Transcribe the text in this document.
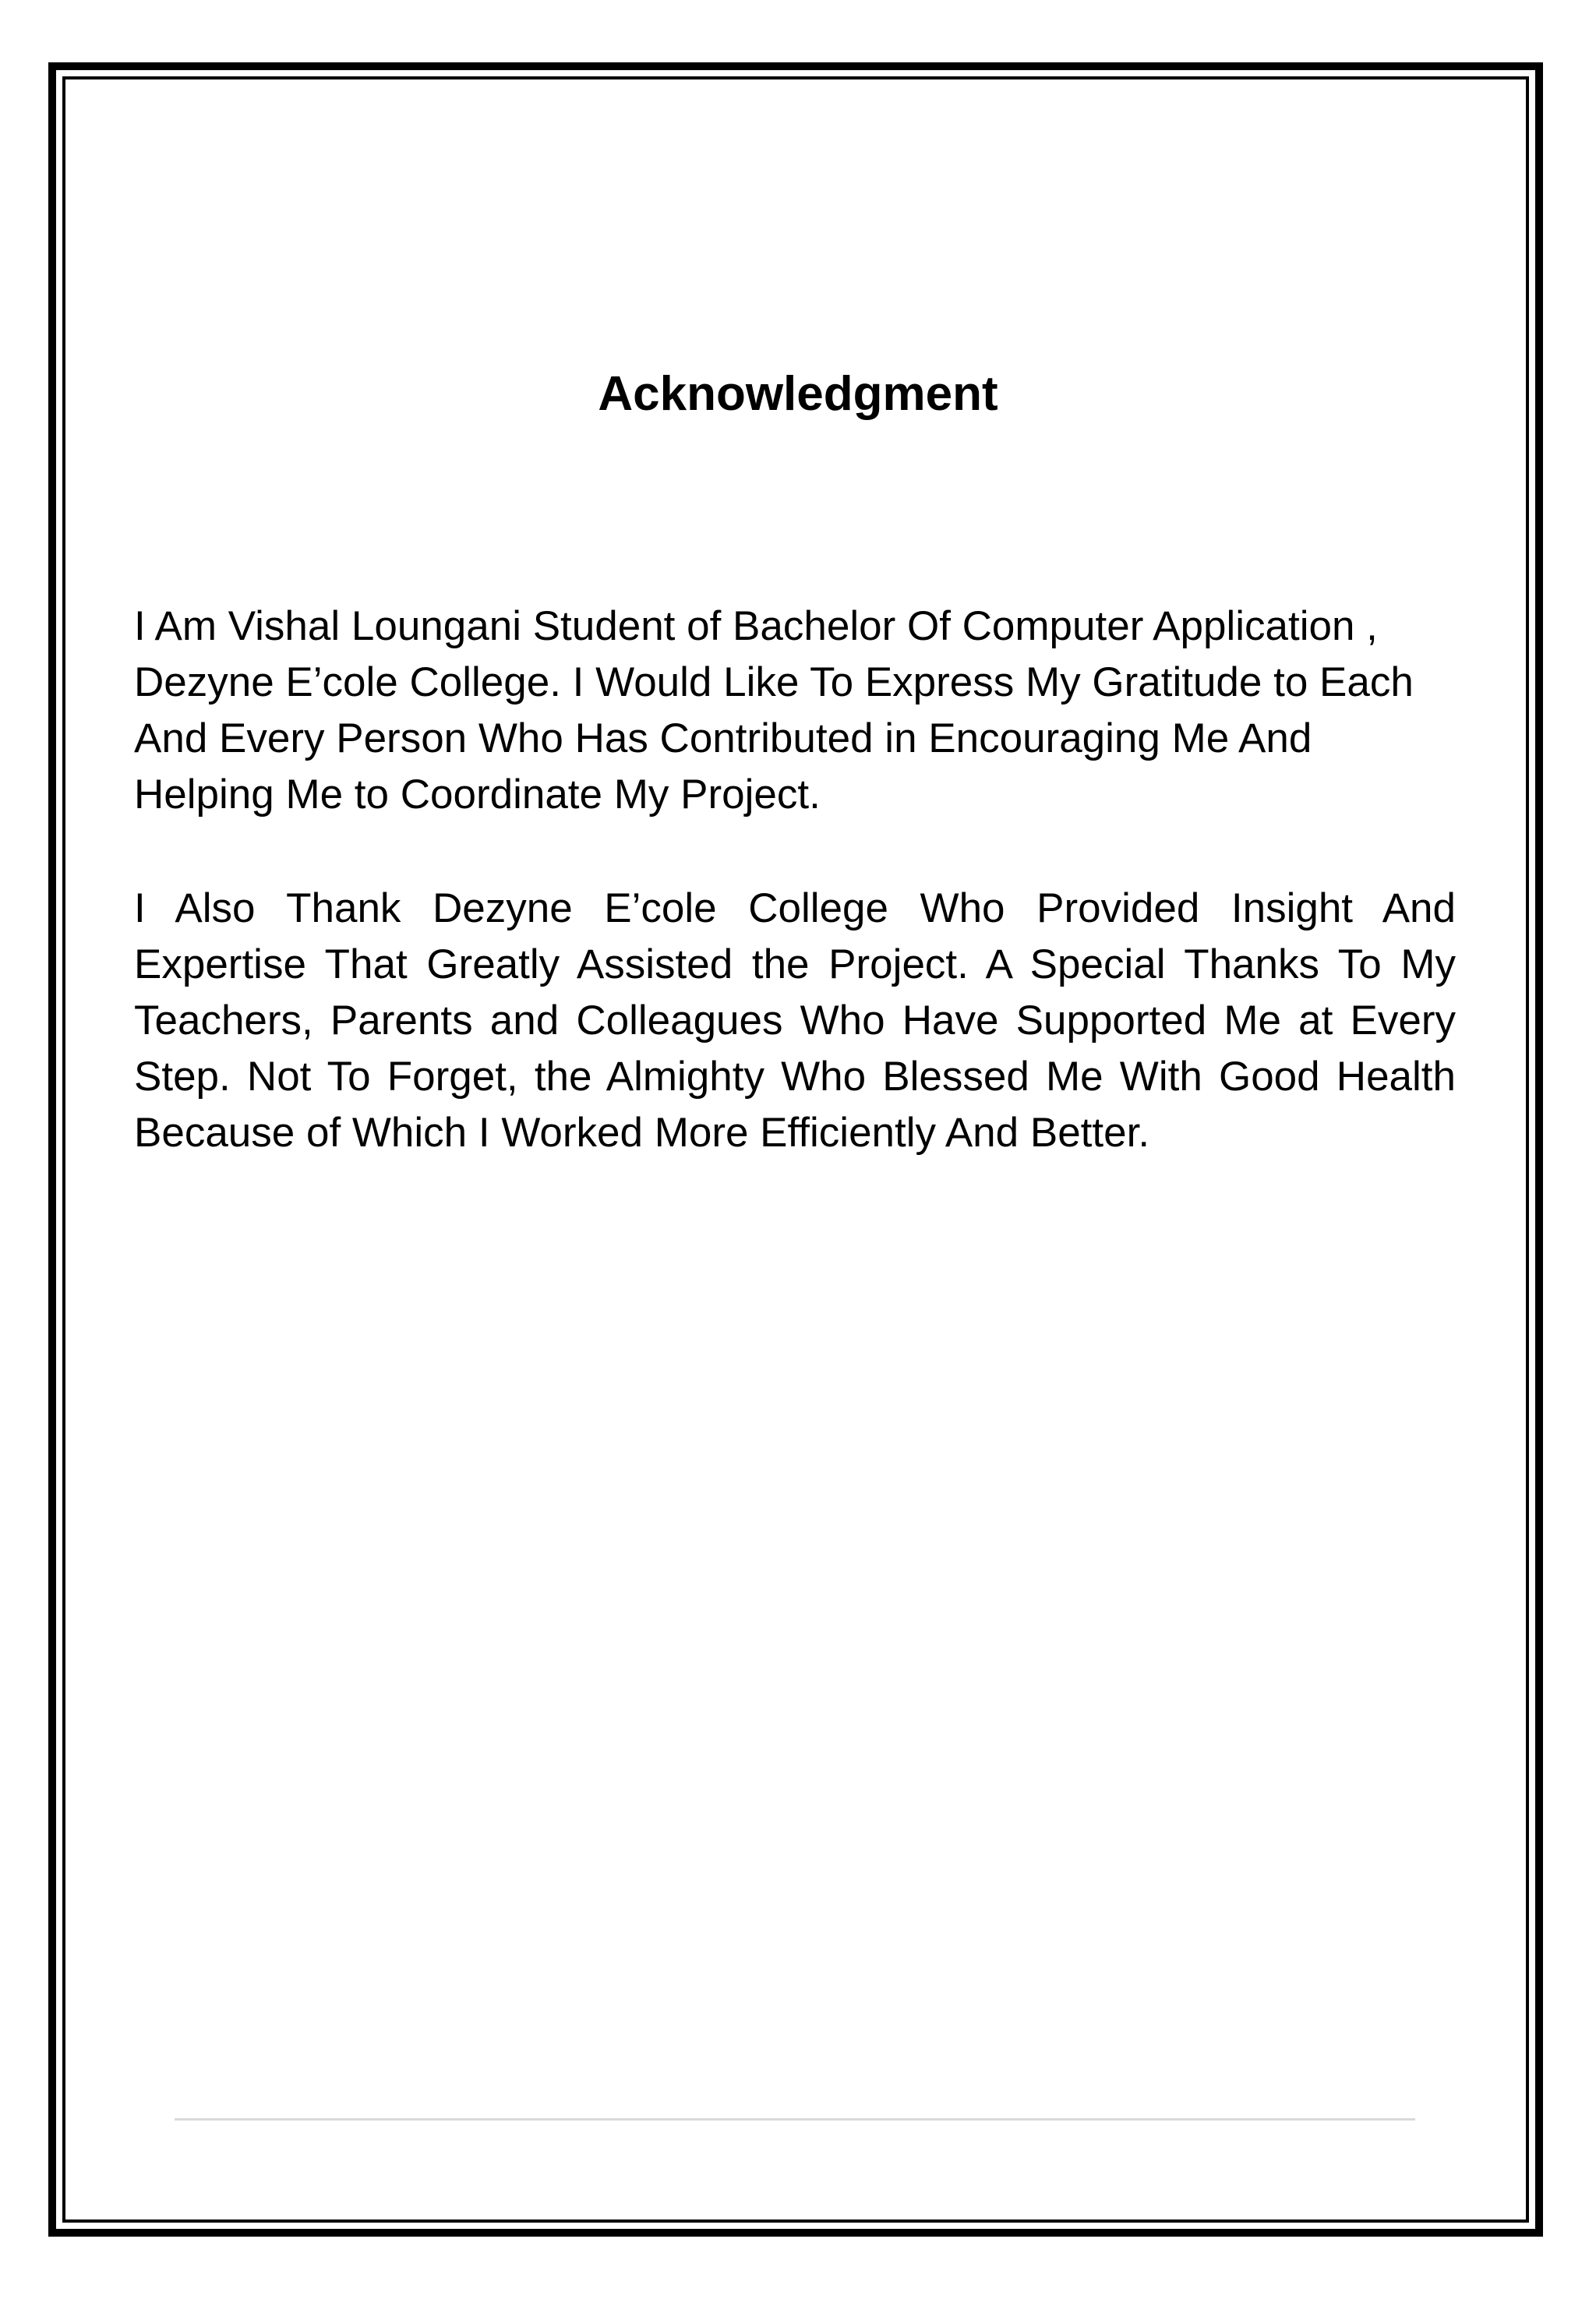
Acknowledgment

I Am Vishal Loungani Student of Bachelor Of Computer Application , Dezyne E’cole College. I Would Like To Express My Gratitude to Each And Every Person Who Has Contributed in Encouraging Me And Helping Me to Coordinate My Project.

I Also Thank Dezyne E’cole College Who Provided Insight And Expertise That Greatly Assisted the Project. A Special Thanks To My Teachers, Parents and Colleagues Who Have Supported Me at Every Step. Not To Forget, the Almighty Who Blessed Me With Good Health Because of Which I Worked More Efficiently And Better.
